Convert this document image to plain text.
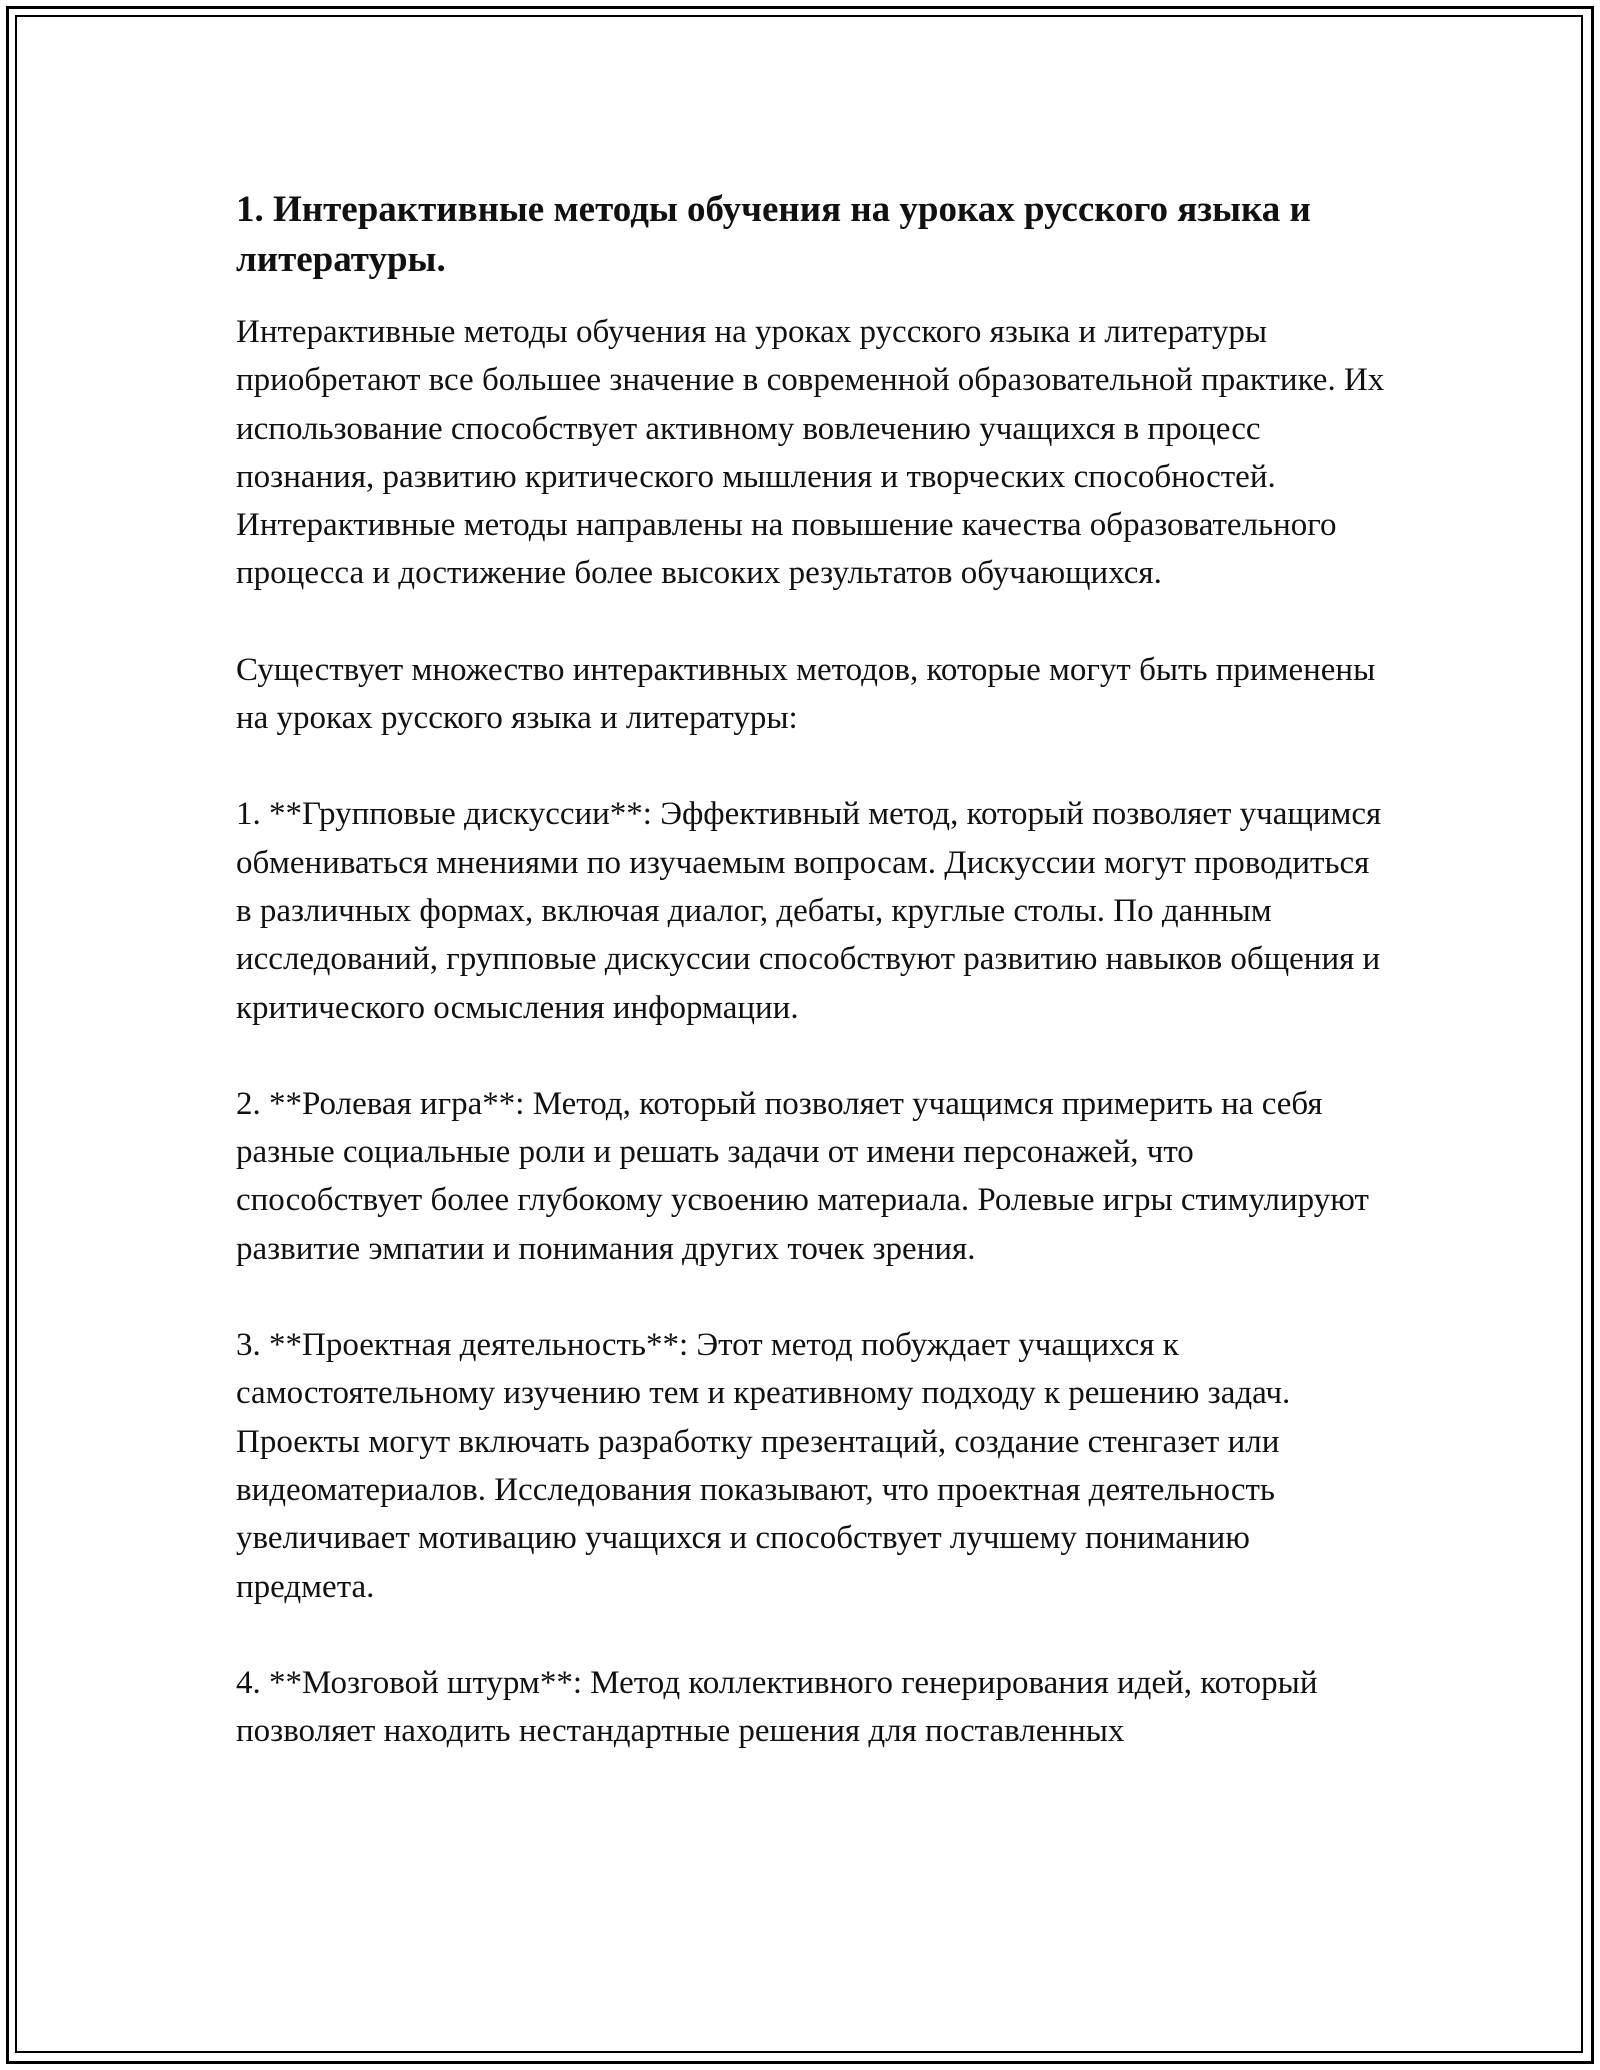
1. Интерактивные методы обучения на уроках русского языка и литературы.

Интерактивные методы обучения на уроках русского языка и литературы приобретают все большее значение в современной образовательной практике. Их использование способствует активному вовлечению учащихся в процесс познания, развитию критического мышления и творческих способностей. Интерактивные методы направлены на повышение качества образовательного процесса и достижение более высоких результатов обучающихся.

Существует множество интерактивных методов, которые могут быть применены на уроках русского языка и литературы:

1. **Групповые дискуссии**: Эффективный метод, который позволяет учащимся обмениваться мнениями по изучаемым вопросам. Дискуссии могут проводиться в различных формах, включая диалог, дебаты, круглые столы. По данным исследований, групповые дискуссии способствуют развитию навыков общения и критического осмысления информации.

2. **Ролевая игра**: Метод, который позволяет учащимся примерить на себя разные социальные роли и решать задачи от имени персонажей, что способствует более глубокому усвоению материала. Ролевые игры стимулируют развитие эмпатии и понимания других точек зрения.

3. **Проектная деятельность**: Этот метод побуждает учащихся к самостоятельному изучению тем и креативному подходу к решению задач. Проекты могут включать разработку презентаций, создание стенгазет или видеоматериалов. Исследования показывают, что проектная деятельность увеличивает мотивацию учащихся и способствует лучшему пониманию предмета.

4. **Мозговой штурм**: Метод коллективного генерирования идей, который позволяет находить нестандартные решения для поставленных
